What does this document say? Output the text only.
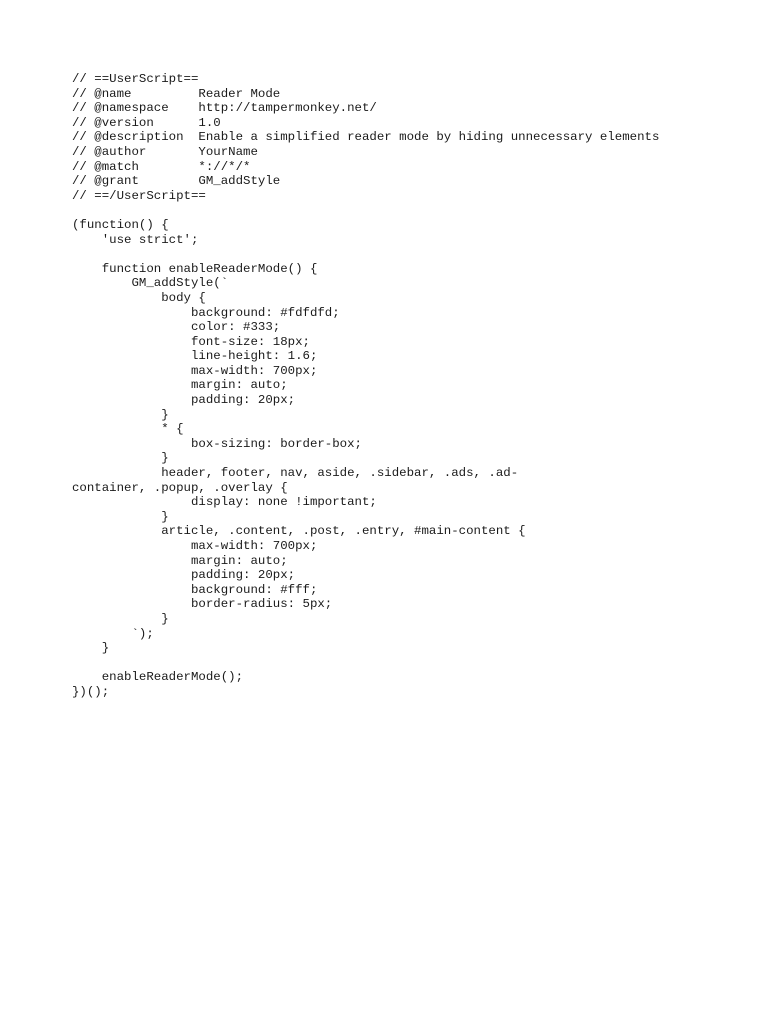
// ==UserScript==
// @name         Reader Mode
// @namespace    http://tampermonkey.net/
// @version      1.0
// @description  Enable a simplified reader mode by hiding unnecessary elements
// @author       YourName
// @match        *://*/*
// @grant        GM_addStyle
// ==/UserScript==
(function() {
'use strict';
function enableReaderMode() {
GM_addStyle(`
body {
background: #fdfdfd;
color: #333;
font-size: 18px;
line-height: 1.6;
max-width: 700px;
margin: auto;
padding: 20px;
}
* {
box-sizing: border-box;
}
header, footer, nav, aside, .sidebar, .ads, .ad-
container, .popup, .overlay {
display: none !important;
}
article, .content, .post, .entry, #main-content {
max-width: 700px;
margin: auto;
padding: 20px;
background: #fff;
border-radius: 5px;
}
`);
}
enableReaderMode();
})();
